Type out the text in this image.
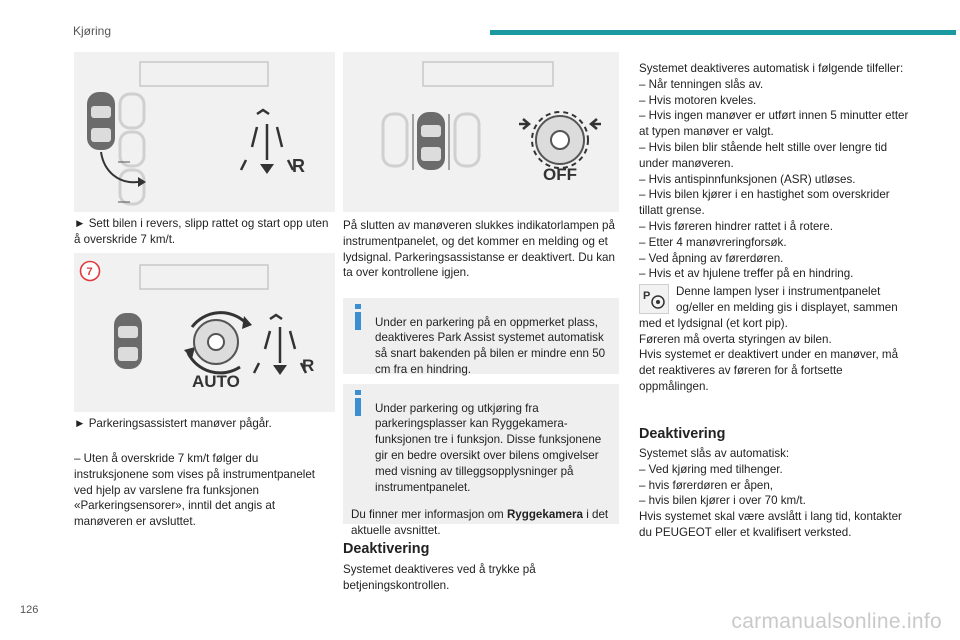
Kjøring
R

► Sett bilen i revers, slipp rattet og start opp uten å overskride 7 km/t.

7
AUTO
R

► Parkeringsassistert manøver pågår.

– Uten å overskride 7 km/t følger du instruksjonene som vises på instrumentpanelet ved hjelp av varslene fra funksjonen «Parkeringsensorer», inntil det angis at manøveren er avsluttet.

OFF

På slutten av manøveren slukkes indikatorlampen på instrumentpanelet, og det kommer en melding og et lydsignal. Parkeringsassistanse er deaktivert. Du kan ta over kontrollene igjen.

Under en parkering på en oppmerket plass, deaktiveres Park Assist systemet automatisk så snart bakenden på bilen er mindre enn 50 cm fra en hindring.

Under parkering og utkjøring fra parkeringsplasser kan Ryggekamera-funksjonen tre i funksjon. Disse funksjonene gir en bedre oversikt over bilens omgivelser med visning av tilleggsopplysninger på instrumentpanelet.

Du finner mer informasjon om Ryggekamera i det aktuelle avsnittet.

Deaktivering

Systemet deaktiveres ved å trykke på betjeningskontrollen.

Systemet deaktiveres automatisk i følgende tilfeller:

– Når tenningen slås av.

– Hvis motoren kveles.

– Hvis ingen manøver er utført innen 5 minutter etter at typen manøver er valgt.

– Hvis bilen blir stående helt stille over lengre tid under manøveren.

– Hvis antispinnfunksjonen (ASR) utløses.

– Hvis bilen kjører i en hastighet som overskrider tillatt grense.

– Hvis føreren hindrer rattet i å rotere.

– Etter 4 manøvreringforsøk.

– Ved åpning av førerdøren.

– Hvis et av hjulene treffer på en hindring.

P Denne lampen lyser i instrumentpanelet og/eller en melding gis i displayet, sammen med et lydsignal (et kort pip).

Føreren må overta styringen av bilen.

Hvis systemet er deaktivert under en manøver, må det reaktiveres av føreren for å fortsette oppmålingen.

Deaktivering

Systemet slås av automatisk:

– Ved kjøring med tilhenger.

– hvis førerdøren er åpen,

– hvis bilen kjører i over 70 km/t.

Hvis systemet skal være avslått i lang tid, kontakter du PEUGEOT eller et kvalifisert verksted.

126	carmanualsonline.info
